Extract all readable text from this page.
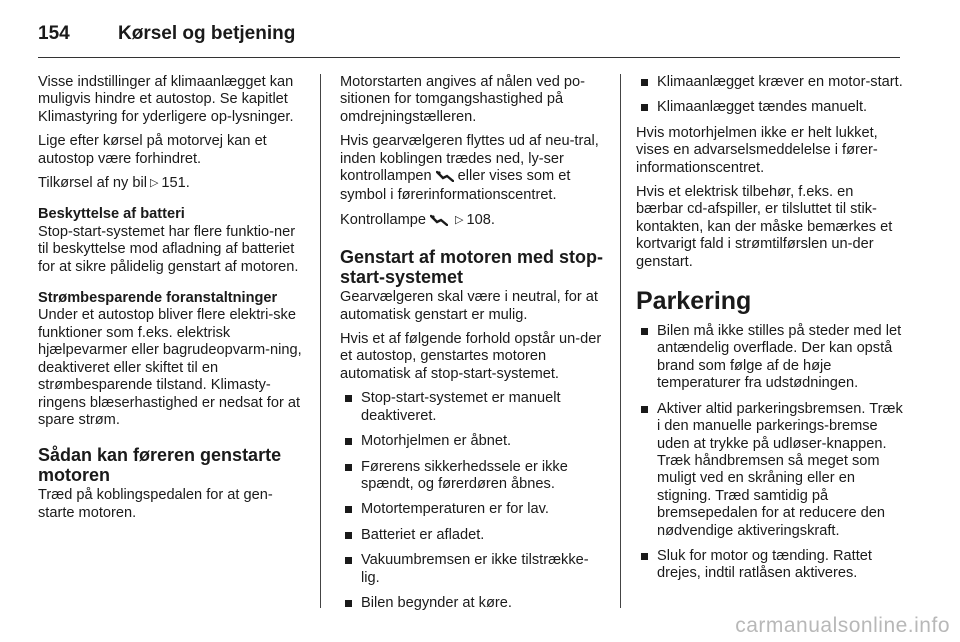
154	Kørsel og betjening

Visse indstillinger af klimaanlægget kan muligvis hindre et autostop. Se kapitlet Klimastyring for yderligere op-lysninger.

Lige efter kørsel på motorvej kan et autostop være forhindret.

Tilkørsel af ny bil ▷ 151.

Beskyttelse af batteri

Stop-start-systemet har flere funktio-ner til beskyttelse mod afladning af batteriet for at sikre pålidelig genstart af motoren.

Strømbesparende foranstaltninger

Under et autostop bliver flere elektri-ske funktioner som f.eks. elektrisk hjælpevarmer eller bagrudeopvarm-ning, deaktiveret eller skiftet til en strømbesparende tilstand. Klimasty-ringens blæserhastighed er nedsat for at spare strøm.

Sådan kan føreren genstarte motoren

Træd på koblingspedalen for at gen-starte motoren.

Motorstarten angives af nålen ved po-sitionen for tomgangshastighed på omdrejningstælleren.

Hvis gearvælgeren flyttes ud af neu-tral, inden koblingen trædes ned, ly-ser kontrollampen eller vises som et symbol i førerinformationscentret.

Kontrollampe	▷ 108.

Genstart af motoren med stop-start-systemet

Gearvælgeren skal være i neutral, for at automatisk genstart er mulig.

Hvis et af følgende forhold opstår un-der et autostop, genstartes motoren automatisk af stop-start-systemet.

Stop-start-systemet er manuelt deaktiveret.
Motorhjelmen er åbnet.
Førerens sikkerhedssele er ikke spændt, og førerdøren åbnes.
Motortemperaturen er for lav.
Batteriet er afladet.
Vakuumbremsen er ikke tilstrække-lig.
Bilen begynder at køre.
Klimaanlægget kræver en motor-start.
Klimaanlægget tændes manuelt.

Hvis motorhjelmen ikke er helt lukket, vises en advarselsmeddelelse i fører-informationscentret.

Hvis et elektrisk tilbehør, f.eks. en bærbar cd-afspiller, er tilsluttet til stik-kontakten, kan der måske bemærkes et kortvarigt fald i strømtilførslen un-der genstart.

Parkering
Bilen må ikke stilles på steder med let antændelig overflade. Der kan opstå brand som følge af de høje temperaturer fra udstødningen.
Aktiver altid parkeringsbremsen. Træk i den manuelle parkerings-bremse uden at trykke på udløser-knappen. Træk håndbremsen så meget som muligt ved en skråning eller en stigning. Træd samtidig på bremsepedalen for at reducere den nødvendige aktiveringskraft.
Sluk for motor og tænding. Rattet drejes, indtil ratlåsen aktiveres.
carmanualsonline.info
